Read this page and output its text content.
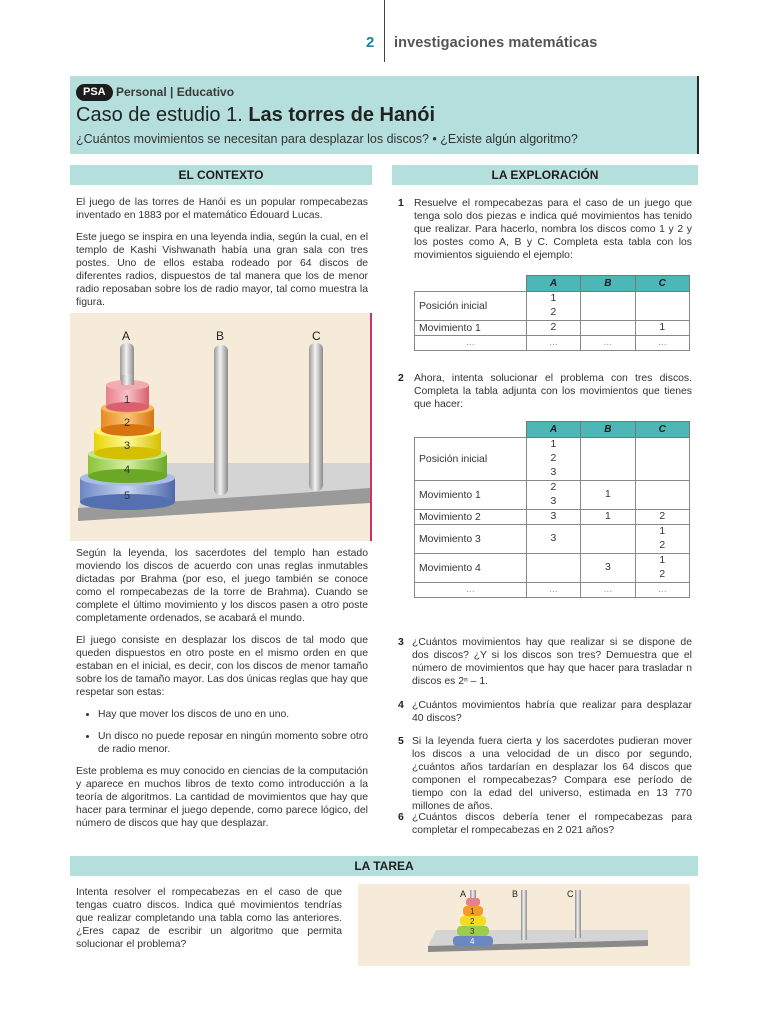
2 investigaciones matemáticas
PSA Personal | Educativo
Caso de estudio 1. Las torres de Hanói
¿Cuántos movimientos se necesitan para desplazar los discos? • ¿Existe algún algoritmo?
EL CONTEXTO

El juego de las torres de Hanói es un popular rompecabezas inventado en 1883 por el matemático Édouard Lucas.

Este juego se inspira en una leyenda india, según la cual, en el templo de Kashi Vishwanath había una gran sala con tres postes. Uno de ellos estaba rodeado por 64 discos de diferentes radios, dispuestos de tal manera que los de menor radio reposaban sobre los de radio mayor, tal como muestra la figura.

A	B	C
1
2
3
4
5

Según la leyenda, los sacerdotes del templo han estado moviendo los discos de acuerdo con unas reglas inmutables dictadas por Brahma (por eso, el juego también se conoce como el rompecabezas de la torre de Brahma). Cuando se complete el último movimiento y los discos pasen a otro poste completamente ordenados, se acabará el mundo.

El juego consiste en desplazar los discos de tal modo que queden dispuestos en otro poste en el mismo orden en que estaban en el inicial, es decir, con los discos de menor tamaño sobre los de tamaño mayor. Las dos únicas reglas que hay que respetar son estas:

• Hay que mover los discos de uno en uno.
• Un disco no puede reposar en ningún momento sobre otro de radio menor.

Este problema es muy conocido en ciencias de la computación y aparece en muchos libros de texto como introducción a la teoría de algoritmos. La cantidad de movimientos que hay que hacer para terminar el juego depende, como parece lógico, del número de discos que hay que desplazar.

LA EXPLORACIÓN
1 Resuelve el rompecabezas para el caso de un juego que tenga solo dos piezas e indica qué movimientos has tenido que realizar. Para hacerlo, nombra los discos como 1 y 2 y los postes como A, B y C. Completa esta tabla con los movimientos siguiendo el ejemplo:
	A	B	C
Posición inicial	1
2		
Movimiento 1	2		1
...	...	...	...
2 Ahora, intenta solucionar el problema con tres discos. Completa la tabla adjunta con los movimientos que tienes que hacer:
	A	B	C
Posición inicial	1
2
3		
Movimiento 1	2
3	1	
Movimiento 2	3	1	2
Movimiento 3	3		1
2
Movimiento 4		3	1
2
...	...	...	...
3 ¿Cuántos movimientos hay que realizar si se dispone de dos discos? ¿Y si los discos son tres? Demuestra que el número de movimientos que hay que hacer para trasladar n discos es 2ⁿ – 1.
4 ¿Cuántos movimientos habría que realizar para desplazar 40 discos?
5 Si la leyenda fuera cierta y los sacerdotes pudieran mover los discos a una velocidad de un disco por segundo, ¿cuántos años tardarían en desplazar los 64 discos que componen el rompecabezas? Compara ese período de tiempo con la edad del universo, estimada en 13 770 millones de años.
6 ¿Cuántos discos debería tener el rompecabezas para completar el rompecabezas en 2 021 años?
LA TAREA
Intenta resolver el rompecabezas en el caso de que tengas cuatro discos. Indica qué movimientos tendrías que realizar completando una tabla como las anteriores. ¿Eres capaz de escribir un algoritmo que permita solucionar el problema?
A	B	C
1
2
3
4
